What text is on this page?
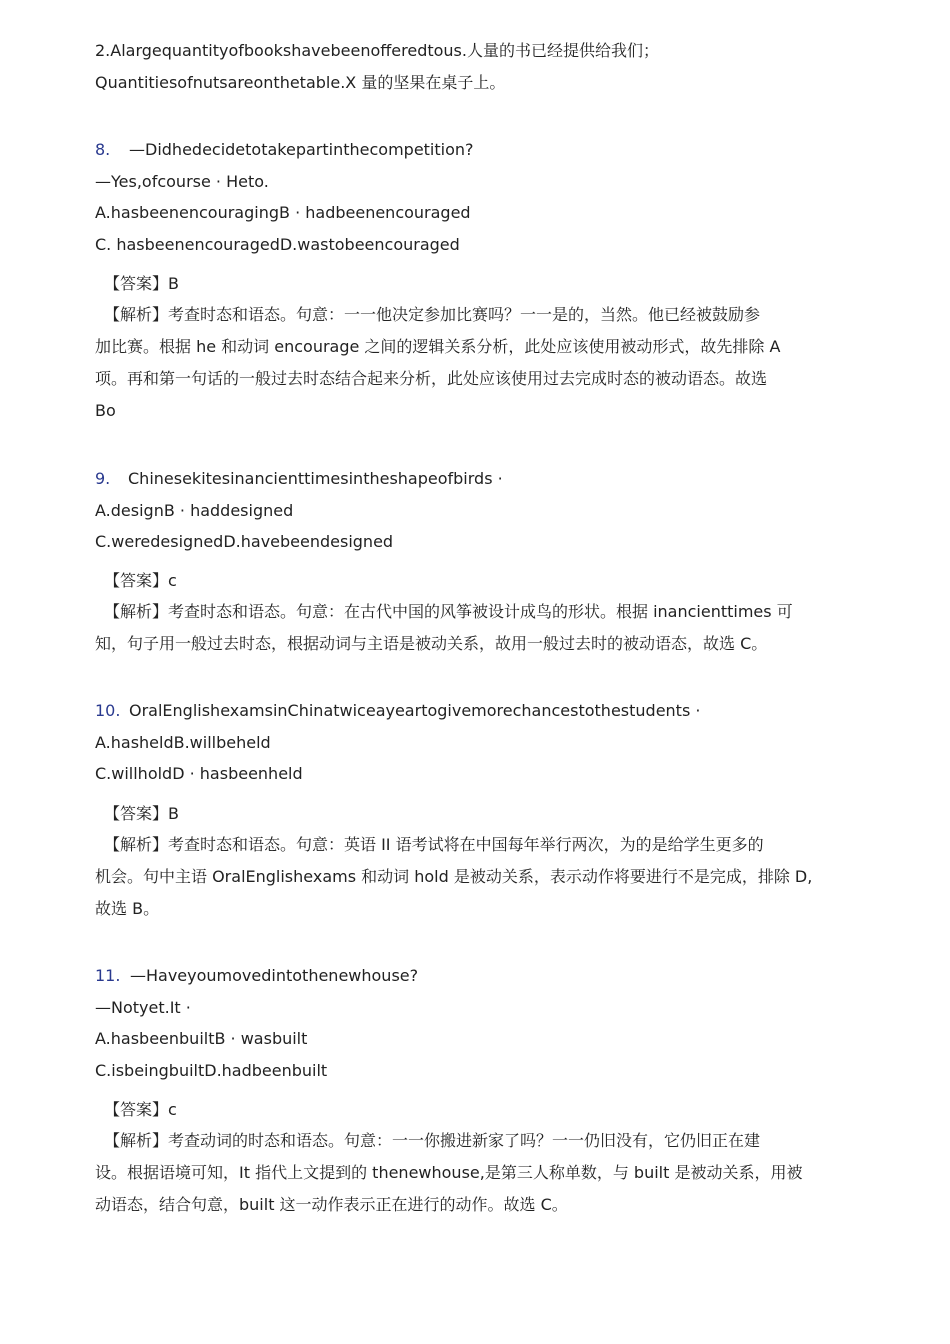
2.Alargequantityofbookshavebeenofferedtous.人量的书已经提供给我们；
Quantitiesofnutsareonthetable.X 量的坚果在桌子上。
8. —Didhedecidetotakepartinthecompetition?
—Yes,ofcourse · Heto.
A.hasbeenencouragingB · hadbeenencouraged
C. hasbeenencouragedD.wastobeencouraged
【答案】B
【解析】考查时态和语态。句意：一一他决定参加比赛吗？一一是的，当然。他已经被鼓励参
加比赛。根据 he 和动词 encourage 之间的逻辑关系分析，此处应该使用被动形式，故先排除 A
项。再和第一句话的一般过去时态结合起来分析，此处应该使用过去完成时态的被动语态。故选
Bo
9. Chinesekitesinancienttimesintheshapeofbirds ·
A.designB · haddesigned
C.weredesignedD.havebeendesigned
【答案】c
【解析】考查时态和语态。句意：在古代中国的风筝被设计成鸟的形状。根据 inancienttimes 可
知，句子用一般过去时态，根据动词与主语是被动关系，故用一般过去时的被动语态，故选 C。
10. OralEnglishexamsinChinatwiceayeartogivemorechancestothestudents ·
A.hasheldB.willbeheld
C.willholdD · hasbeenheld
【答案】B
【解析】考查时态和语态。句意：英语 II 语考试将在中国每年举行两次，为的是给学生更多的
机会。句中主语 OralEnglishexams 和动词 hold 是被动关系，表示动作将要进行不是完成，排除 D,
故选 B。
11. —Haveyoumovedintothenewhouse?
—Notyet.It ·
A.hasbeenbuiltB · wasbuilt
C.isbeingbuiltD.hadbeenbuilt
【答案】c
【解析】考查动词的时态和语态。句意：一一你搬进新家了吗？一一仍旧没有，它仍旧正在建
设。根据语境可知，It 指代上文提到的 thenewhouse,是第三人称单数，与 built 是被动关系，用被
动语态，结合句意，built 这一动作表示正在进行的动作。故选 C。
